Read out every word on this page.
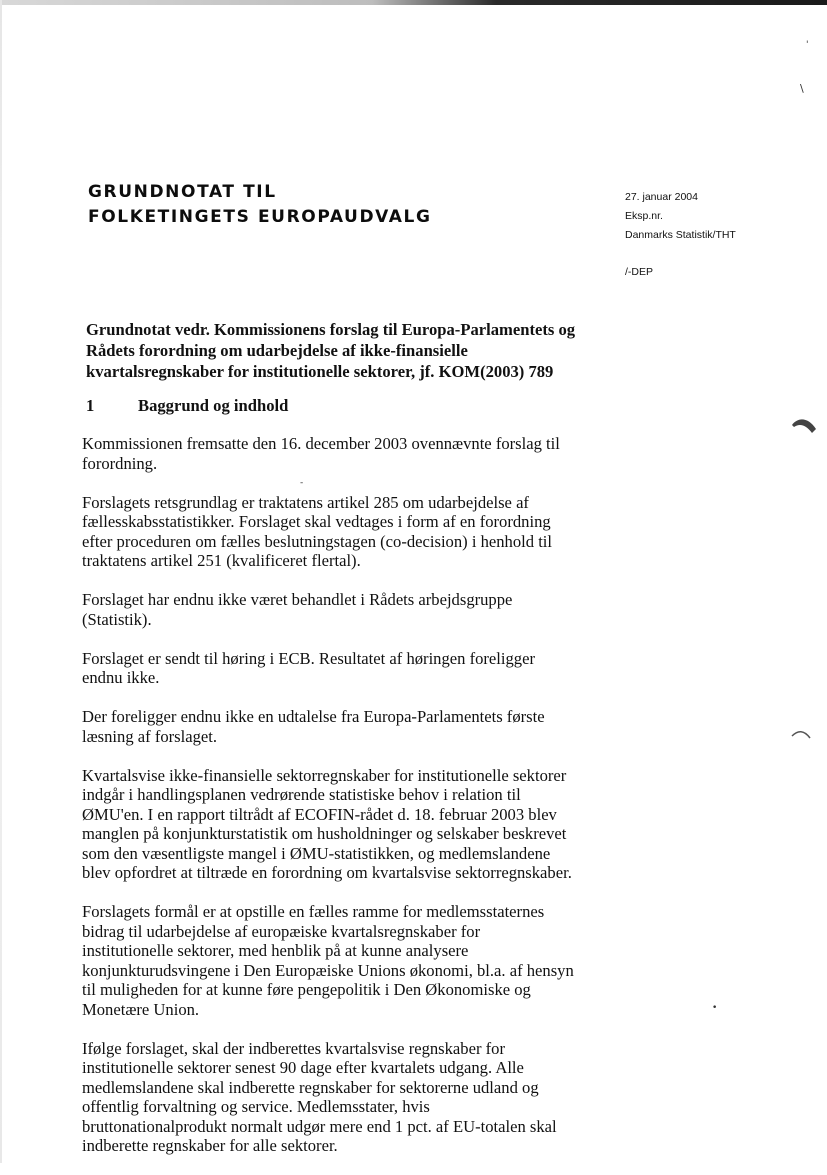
GRUNDNOTAT TIL
FOLKETINGETS EUROPAUDVALG
27. januar 2004
Eksp.nr.
Danmarks Statistik/THT
/-DEP
Grundnotat vedr. Kommissionens forslag til Europa-Parlamentets og Rådets forordning om udarbejdelse af ikke-finansielle kvartalsregnskaber for institutionelle sektorer, jf. KOM(2003) 789
1	Baggrund og indhold

Kommissionen fremsatte den 16. december 2003 ovennævnte forslag til forordning.

Forslagets retsgrundlag er traktatens artikel 285 om udarbejdelse af fællesskabsstatistikker. Forslaget skal vedtages i form af en forordning efter proceduren om fælles beslutningstagen (co-decision) i henhold til traktatens artikel 251 (kvalificeret flertal).

Forslaget har endnu ikke været behandlet i Rådets arbejdsgruppe (Statistik).

Forslaget er sendt til høring i ECB. Resultatet af høringen foreligger endnu ikke.

Der foreligger endnu ikke en udtalelse fra Europa-Parlamentets første læsning af forslaget.

Kvartalsvise ikke-finansielle sektorregnskaber for institutionelle sektorer indgår i handlingsplanen vedrørende statistiske behov i relation til ØMU'en. I en rapport tiltrådt af ECOFIN-rådet d. 18. februar 2003 blev manglen på konjunkturstatistik om husholdninger og selskaber beskrevet som den væsentligste mangel i ØMU-statistikken, og medlemslandene blev opfordret at tiltræde en forordning om kvartalsvise sektorregnskaber.

Forslagets formål er at opstille en fælles ramme for medlemsstaternes bidrag til udarbejdelse af europæiske kvartalsregnskaber for institutionelle sektorer, med henblik på at kunne analysere konjunkturudsvingene i Den Europæiske Unions økonomi, bl.a. af hensyn til muligheden for at kunne føre pengepolitik i Den Økonomiske og Monetære Union.

Ifølge forslaget, skal der indberettes kvartalsvise regnskaber for institutionelle sektorer senest 90 dage efter kvartalets udgang. Alle medlemslandene skal indberette regnskaber for sektorerne udland og offentlig forvaltning og service. Medlemsstater, hvis bruttonationalprodukt normalt udgør mere end 1 pct. af EU-totalen skal indberette regnskaber for alle sektorer.

\
'
•
-
